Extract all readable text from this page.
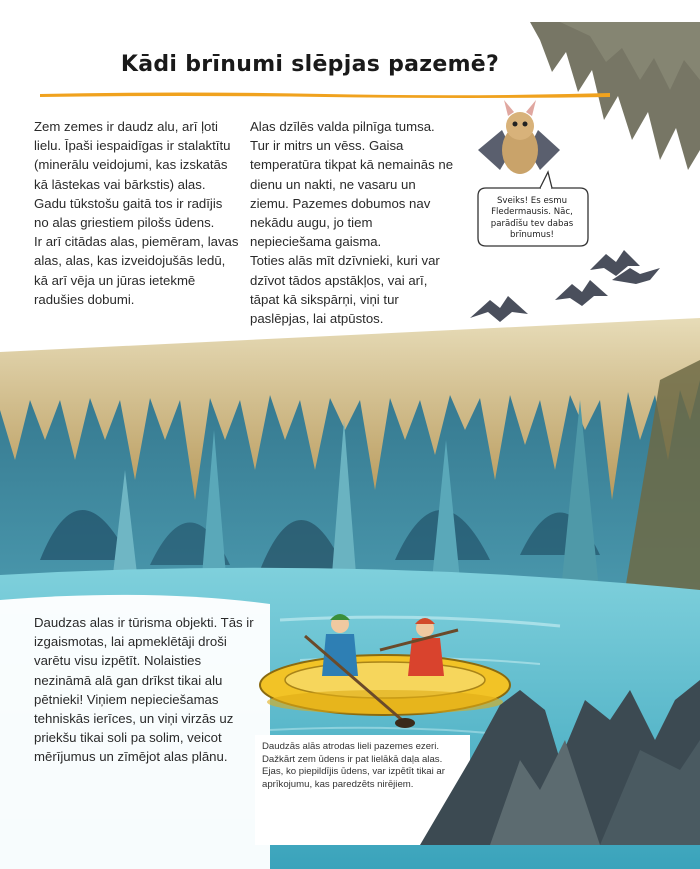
Kādi brīnumi slēpjas pazemē?

Zem zemes ir daudz alu, arī ļoti lielu. Īpaši iespaidīgas ir stalaktītu (minerālu veidojumi, kas izskatās kā lāstekas vai bārkstis) alas. Gadu tūkstošu gaitā tos ir radījis no alas griestiem pilošs ūdens.

Ir arī citādas alas, piemēram, lavas alas, alas, kas izveidojušās ledū, kā arī vēja un jūras ietekmē radušies dobumi.

Alas dzīlēs valda pilnīga tumsa. Tur ir mitrs un vēss. Gaisa temperatūra tikpat kā nemainās ne dienu un nakti, ne vasaru un ziemu. Pazemes dobumos nav nekādu augu, jo tiem nepieciešama gaisma.

Toties alās mīt dzīvnieki, kuri var dzīvot tādos apstākļos, vai arī, tāpat kā sikspārņi, viņi tur paslēpjas, lai atpūstos.

Sveiks! Es esmu Fledermausis. Nāc, parādīšu tev dabas brīnumus!
Daudzas alas ir tūrisma objekti. Tās ir izgaismotas, lai apmeklētāji droši varētu visu izpētīt. Nolaisties nezināmā alā gan drīkst tikai alu pētnieki! Viņiem nepieciešamas tehniskās ierīces, un viņi virzās uz priekšu tikai soli pa solim, veicot mērījumus un zīmējot alas plānu.
Daudzās alās atrodas lieli pazemes ezeri. Dažkārt zem ūdens ir pat lielākā daļa alas. Ejas, ko piepildījis ūdens, var izpētīt tikai ar aprīkojumu, kas paredzēts nirējiem.
